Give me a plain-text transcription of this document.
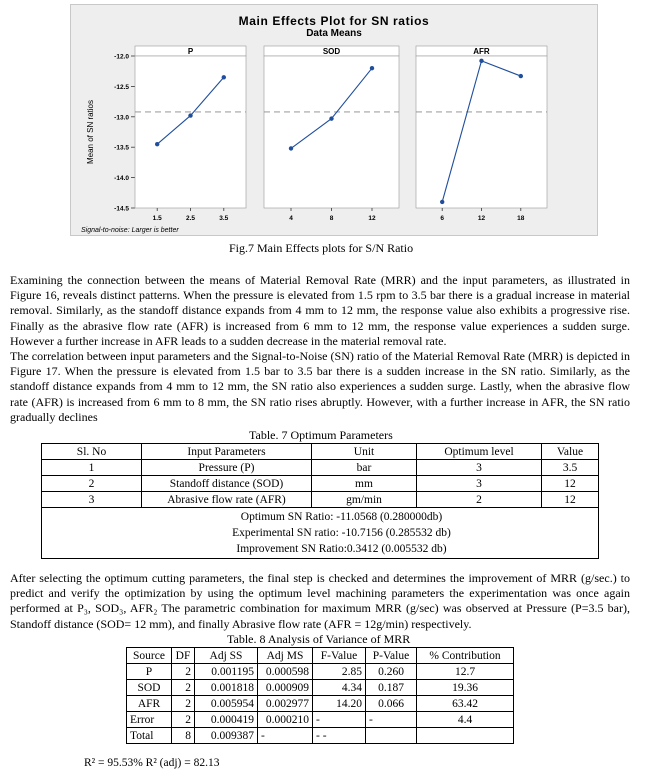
Main Effects Plot for SN ratios
Data Means
Mean of SN ratios
-12.0
-12.5
-13.0
-13.5
-14.0
-14.5
P
1.5	2.5	3.5
SOD
4	8	12
AFR
6	12	18
Signal-to-noise: Larger is better
Fig.7 Main Effects plots for S/N Ratio

Examining the connection between the means of Material Removal Rate (MRR) and the input parameters, as illustrated in Figure 16, reveals distinct patterns. When the pressure is elevated from 1.5 rpm to 3.5 bar there is a gradual increase in material removal. Similarly, as the standoff distance expands from 4 mm to 12 mm, the response value also exhibits a progressive rise. Finally as the abrasive flow rate (AFR) is increased from 6 mm to 12 mm, the response value experiences a sudden surge. However a further increase in AFR leads to a sudden decrease in the material removal rate.

The correlation between input parameters and the Signal-to-Noise (SN) ratio of the Material Removal Rate (MRR) is depicted in Figure 17. When the pressure is elevated from 1.5 bar to 3.5 bar there is a sudden increase in the SN ratio. Similarly, as the standoff distance expands from 4 mm to 12 mm, the SN ratio also experiences a sudden surge. Lastly, when the abrasive flow rate (AFR) is increased from 6 mm to 8 mm, the SN ratio rises abruptly. However, with a further increase in AFR, the SN ratio gradually declines

Table. 7 Optimum Parameters
Sl. No	Input Parameters	Unit	Optimum level	Value
1	Pressure (P)	bar	3	3.5
2	Standoff distance (SOD)	mm	3	12
3	Abrasive flow rate (AFR)	gm/min	2	12

	Optimum SN Ratio: -11.0568 (0.280000db)
Experimental SN ratio: -10.7156 (0.285532 db)
Improvement SN Ratio:0.3412 (0.005532 db)			

After selecting the optimum cutting parameters, the final step is checked and determines the improvement of MRR (g/sec.) to predict and verify the optimization by using the optimum level machining parameters the experimentation was once again performed at P₃, SOD₃, AFR₂ The parametric combination for maximum MRR (g/sec) was observed at Pressure (P=3.5 bar), Standoff distance (SOD= 12 mm), and finally Abrasive flow rate (AFR = 12g/min) respectively.

Table. 8 Analysis of Variance of MRR
Source	DF	Adj SS	Adj MS	F-Value	P-Value	% Contribution
P	2	0.001195	0.000598	2.85	0.260	12.7
SOD	2	0.001818	0.000909	4.34	0.187	19.36
AFR	2	0.005954	0.002977	14.20	0.066	63.42
Error	2	0.000419	0.000210	-	-	4.4
Total	8	0.009387	-	- -		
R² = 95.53% R² (adj) = 82.13
